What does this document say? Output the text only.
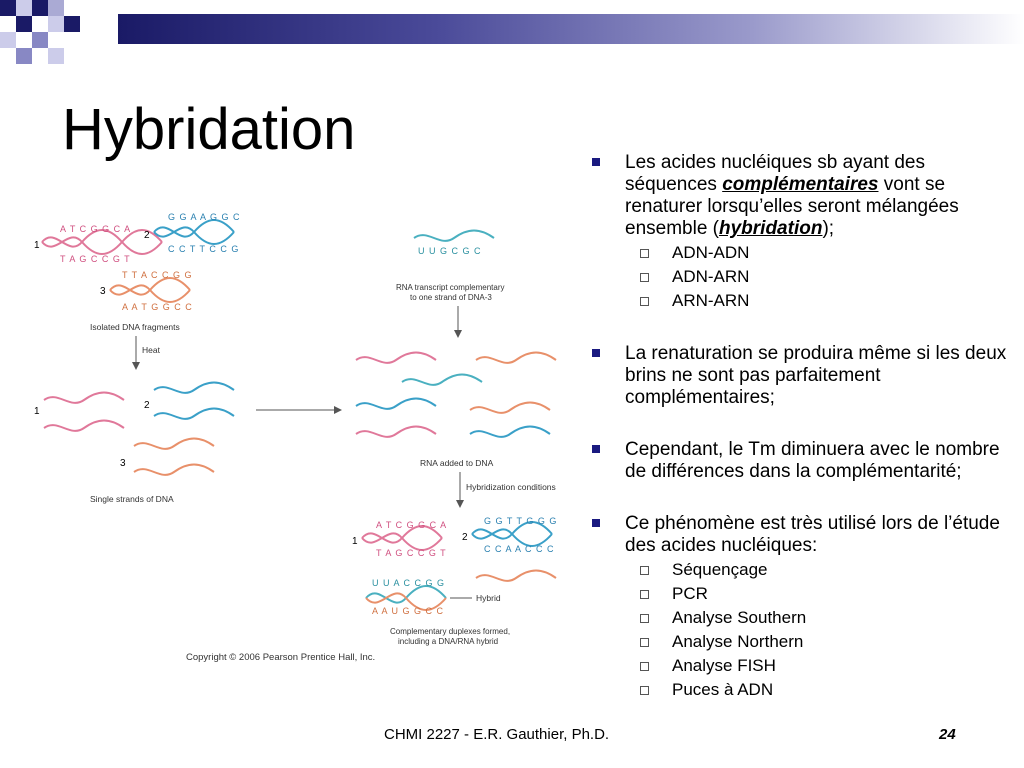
Hybridation
1
A T C G G C A
T A G C C G T
2
G G A A G G C
C C T T C C G
3
T T A C C G G
A A T G G C C
Isolated DNA fragments
Heat
1
2
3
Single strands of DNA
U U G C G C
RNA transcript complementary
to one strand of DNA-3
RNA added to DNA
Hybridization conditions
1
A T C G G C A
T A G C C G T
2
G G T T G G G
C C A A C C C
U U A C C G G
A A U G G C C
Hybrid
Complementary duplexes formed,
including a DNA/RNA hybrid
Copyright © 2006 Pearson Prentice Hall, Inc.

Les acides nucléiques sb ayant des séquences complémentaires vont se renaturer lorsqu’elles seront mélangées ensemble (hybridation);

ADN-ADN
ADN-ARN
ARN-ARN

La renaturation se produira même si les deux brins ne sont pas parfaitement complémentaires;

Cependant, le Tm diminuera avec le nombre de différences dans la complémentarité;

Ce phénomène est très utilisé lors de l’étude des acides nucléiques:

Séquençage
PCR
Analyse Southern
Analyse Northern
Analyse FISH
Puces à ADN
CHMI 2227 - E.R. Gauthier, Ph.D.	24
